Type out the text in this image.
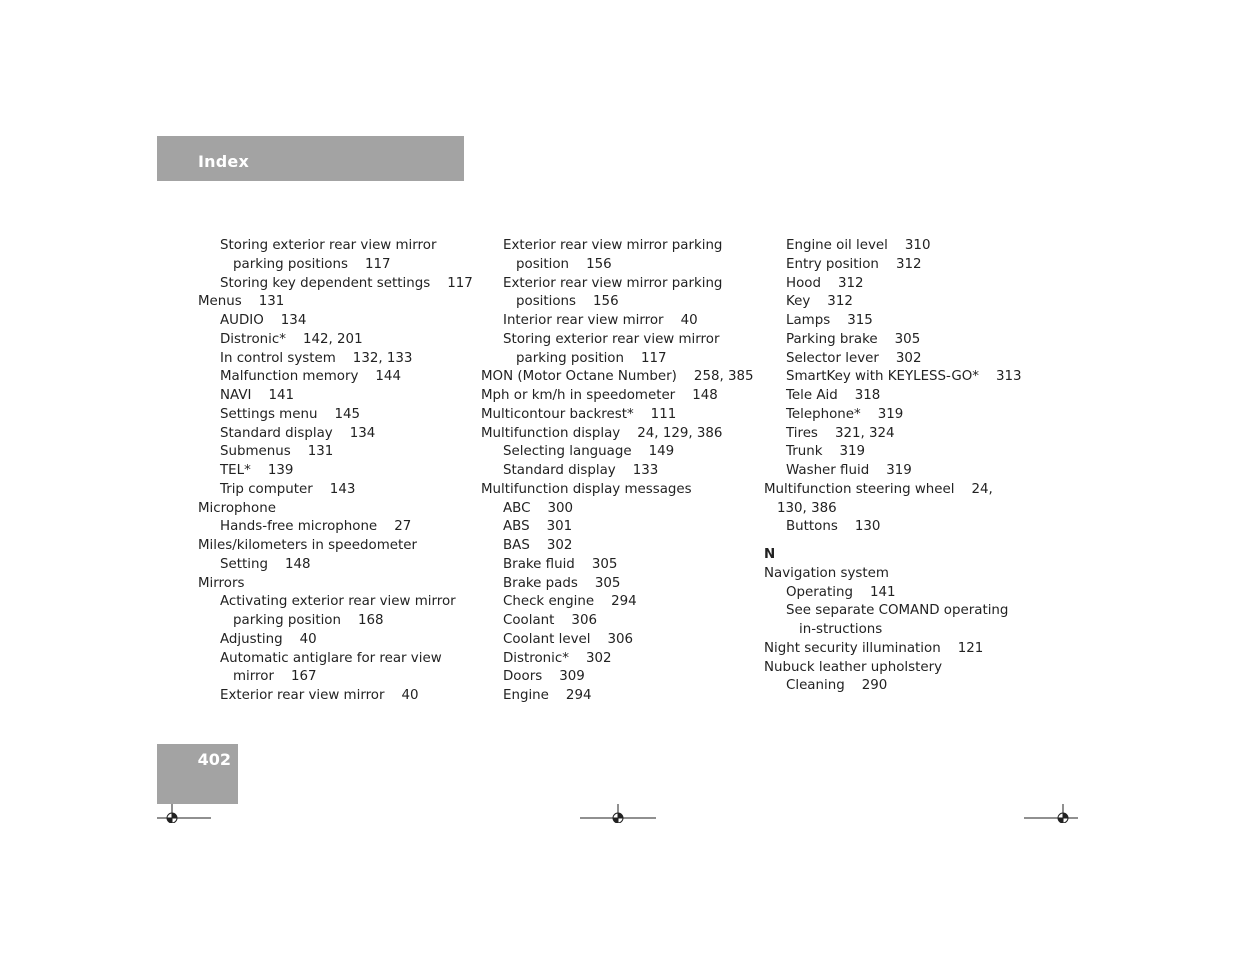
Index
Storing exterior rear view mirror parking positions    117
Storing key dependent settings    117
Menus    131
AUDIO    134
Distronic*    142, 201
In control system    132, 133
Malfunction memory    144
NAVI    141
Settings menu    145
Standard display    134
Submenus    131
TEL*    139
Trip computer    143
Microphone
Hands-free microphone    27
Miles/kilometers in speedometer
Setting    148
Mirrors
Activating exterior rear view mirror parking position    168
Adjusting    40
Automatic antiglare for rear view mirror    167
Exterior rear view mirror    40
Exterior rear view mirror parking position    156
Exterior rear view mirror parking positions    156
Interior rear view mirror    40
Storing exterior rear view mirror parking position    117
MON (Motor Octane Number)    258, 385
Mph or km/h in speedometer    148
Multicontour backrest*    111
Multifunction display    24, 129, 386
Selecting language    149
Standard display    133
Multifunction display messages
ABC    300
ABS    301
BAS    302
Brake fluid    305
Brake pads    305
Check engine    294
Coolant    306
Coolant level    306
Distronic*    302
Doors    309
Engine    294
Engine oil level    310
Entry position    312
Hood    312
Key    312
Lamps    315
Parking brake    305
Selector lever    302
SmartKey with KEYLESS-GO*    313
Tele Aid    318
Telephone*    319
Tires    321, 324
Trunk    319
Washer fluid    319
Multifunction steering wheel    24, 130, 386
Buttons    130
N
Navigation system
Operating    141
See separate COMAND operating in-structions
Night security illumination    121
Nubuck leather upholstery
Cleaning    290
402
